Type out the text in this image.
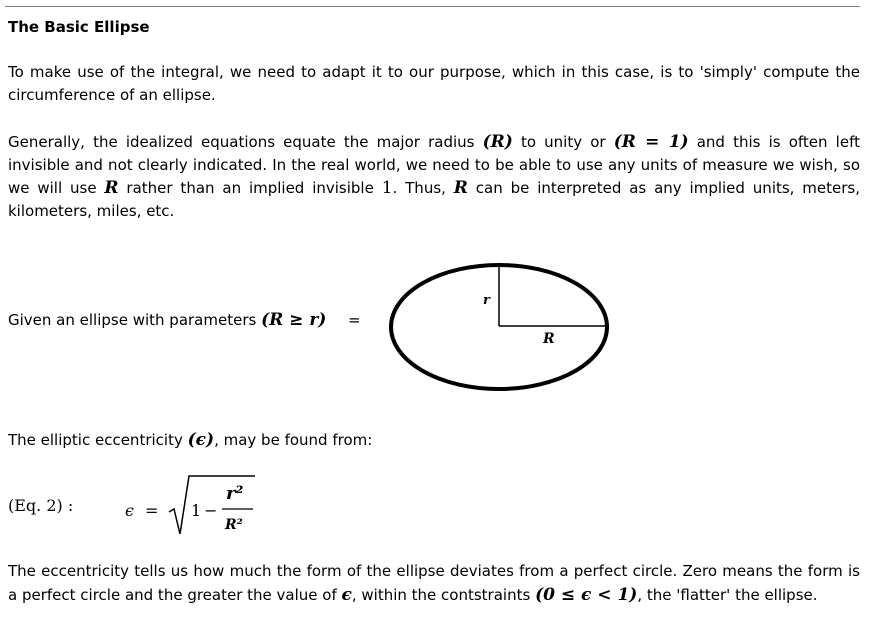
The Basic Ellipse
To make use of the integral, we need to adapt it to our purpose, which in this case, is to 'simply' compute the circumference of an ellipse.
Generally, the idealized equations equate the major radius (R) to unity or (R = 1) and this is often left invisible and not clearly indicated. In the real world, we need to be able to use any units of measure we wish, so we will use R rather than an implied invisible 1. Thus, R can be interpreted as any implied units, meters, kilometers, miles, etc.
Given an ellipse with parameters (R ≥ r) =
r
R
The elliptic eccentricity (ϵ), may be found from:
(Eq. 2) :	ϵ = 1 −
r²
R²
The eccentricity tells us how much the form of the ellipse deviates from a perfect circle. Zero means the form is a perfect circle and the greater the value of ϵ, within the contstraints (0 ≤ ϵ < 1), the 'flatter' the ellipse.
